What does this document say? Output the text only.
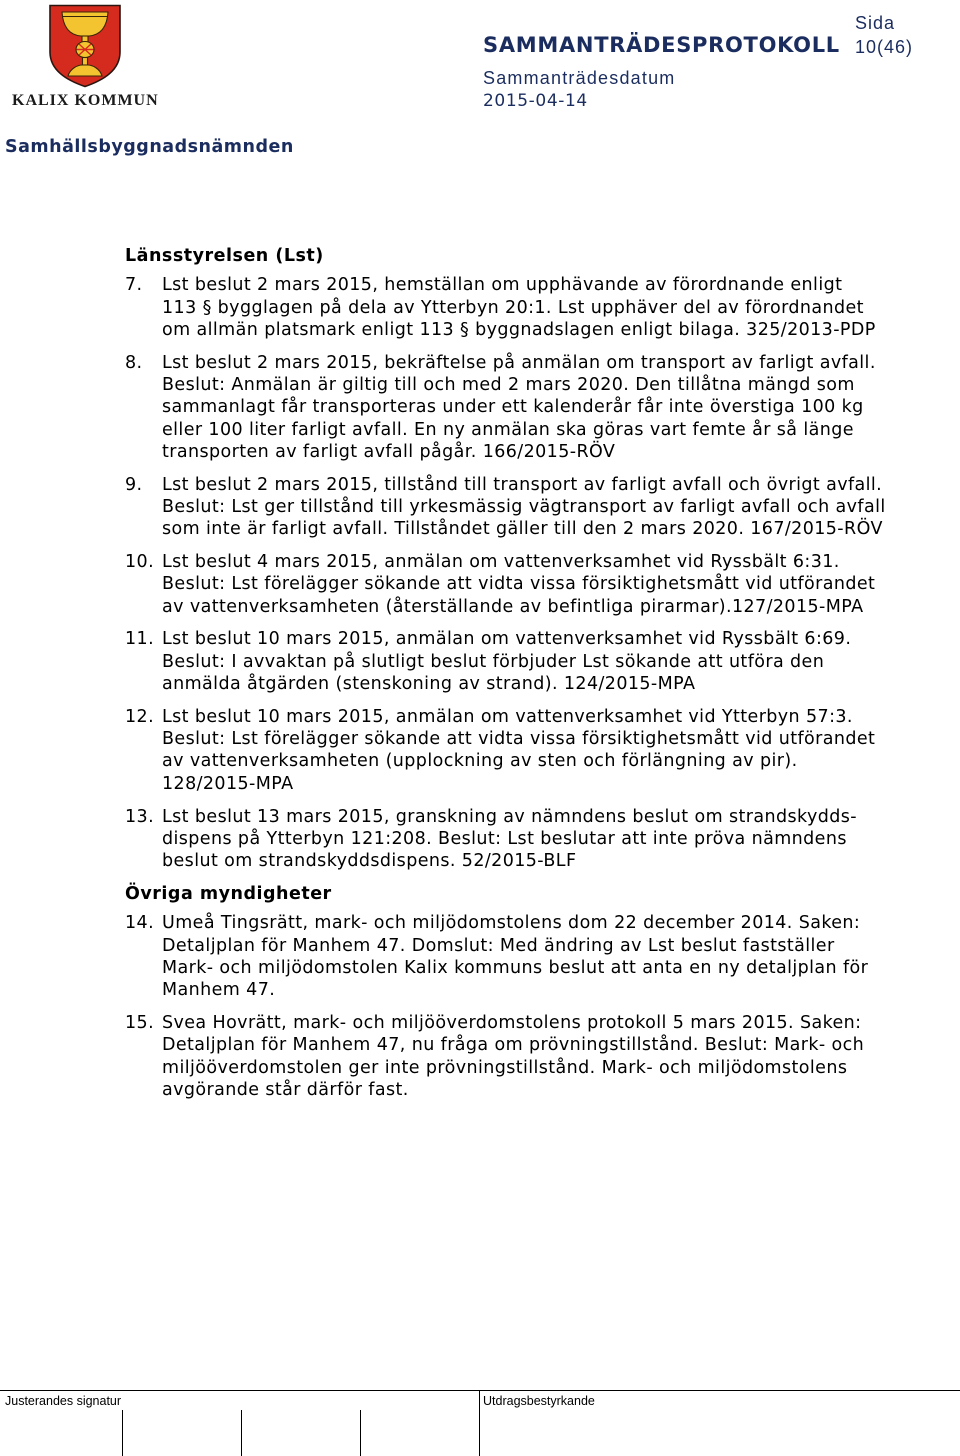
KALIX KOMMUN
SAMMANTRÄDESPROTOKOLL
Sida
10(46)
Sammanträdesdatum
2015-04-14
Samhällsbyggnadsnämnden
Länsstyrelsen (Lst)
7. Lst beslut 2 mars 2015, hemställan om upphävande av förordnande enligt
113 § bygglagen på dela av Ytterbyn 20:1. Lst upphäver del av förordnandet
om allmän platsmark enligt 113 § byggnadslagen enligt bilaga. 325/2013-PDP
8. Lst beslut 2 mars 2015, bekräftelse på anmälan om transport av farligt avfall.
Beslut: Anmälan är giltig till och med 2 mars 2020. Den tillåtna mängd som
sammanlagt får transporteras under ett kalenderår får inte överstiga 100 kg
eller 100 liter farligt avfall. En ny anmälan ska göras vart femte år så länge
transporten av farligt avfall pågår. 166/2015-RÖV
9. Lst beslut 2 mars 2015, tillstånd till transport av farligt avfall och övrigt avfall.
Beslut: Lst ger tillstånd till yrkesmässig vägtransport av farligt avfall och avfall
som inte är farligt avfall. Tillståndet gäller till den 2 mars 2020. 167/2015-RÖV
10. Lst beslut 4 mars 2015, anmälan om vattenverksamhet vid Ryssbält 6:31.
Beslut: Lst förelägger sökande att vidta vissa försiktighetsmått vid utförandet
av vattenverksamheten (återställande av befintliga pirarmar).127/2015-MPA
11. Lst beslut 10 mars 2015, anmälan om vattenverksamhet vid Ryssbält 6:69.
Beslut: I avvaktan på slutligt beslut förbjuder Lst sökande att utföra den
anmälda åtgärden (stenskoning av strand). 124/2015-MPA
12. Lst beslut 10 mars 2015, anmälan om vattenverksamhet vid Ytterbyn 57:3.
Beslut: Lst förelägger sökande att vidta vissa försiktighetsmått vid utförandet
av vattenverksamheten (upplockning av sten och förlängning av pir).
128/2015-MPA
13. Lst beslut 13 mars 2015, granskning av nämndens beslut om strandskydds-
dispens på Ytterbyn 121:208. Beslut: Lst beslutar att inte pröva nämndens
beslut om strandskyddsdispens. 52/2015-BLF
Övriga myndigheter
14. Umeå Tingsrätt, mark- och miljödomstolens dom 22 december 2014. Saken:
Detaljplan för Manhem 47. Domslut: Med ändring av Lst beslut fastställer
Mark- och miljödomstolen Kalix kommuns beslut att anta en ny detaljplan för
Manhem 47.
15. Svea Hovrätt, mark- och miljööverdomstolens protokoll 5 mars 2015. Saken:
Detaljplan för Manhem 47, nu fråga om prövningstillstånd. Beslut: Mark- och
miljööverdomstolen ger inte prövningstillstånd. Mark- och miljödomstolens
avgörande står därför fast.
Justerandes signatur	Utdragsbestyrkande
